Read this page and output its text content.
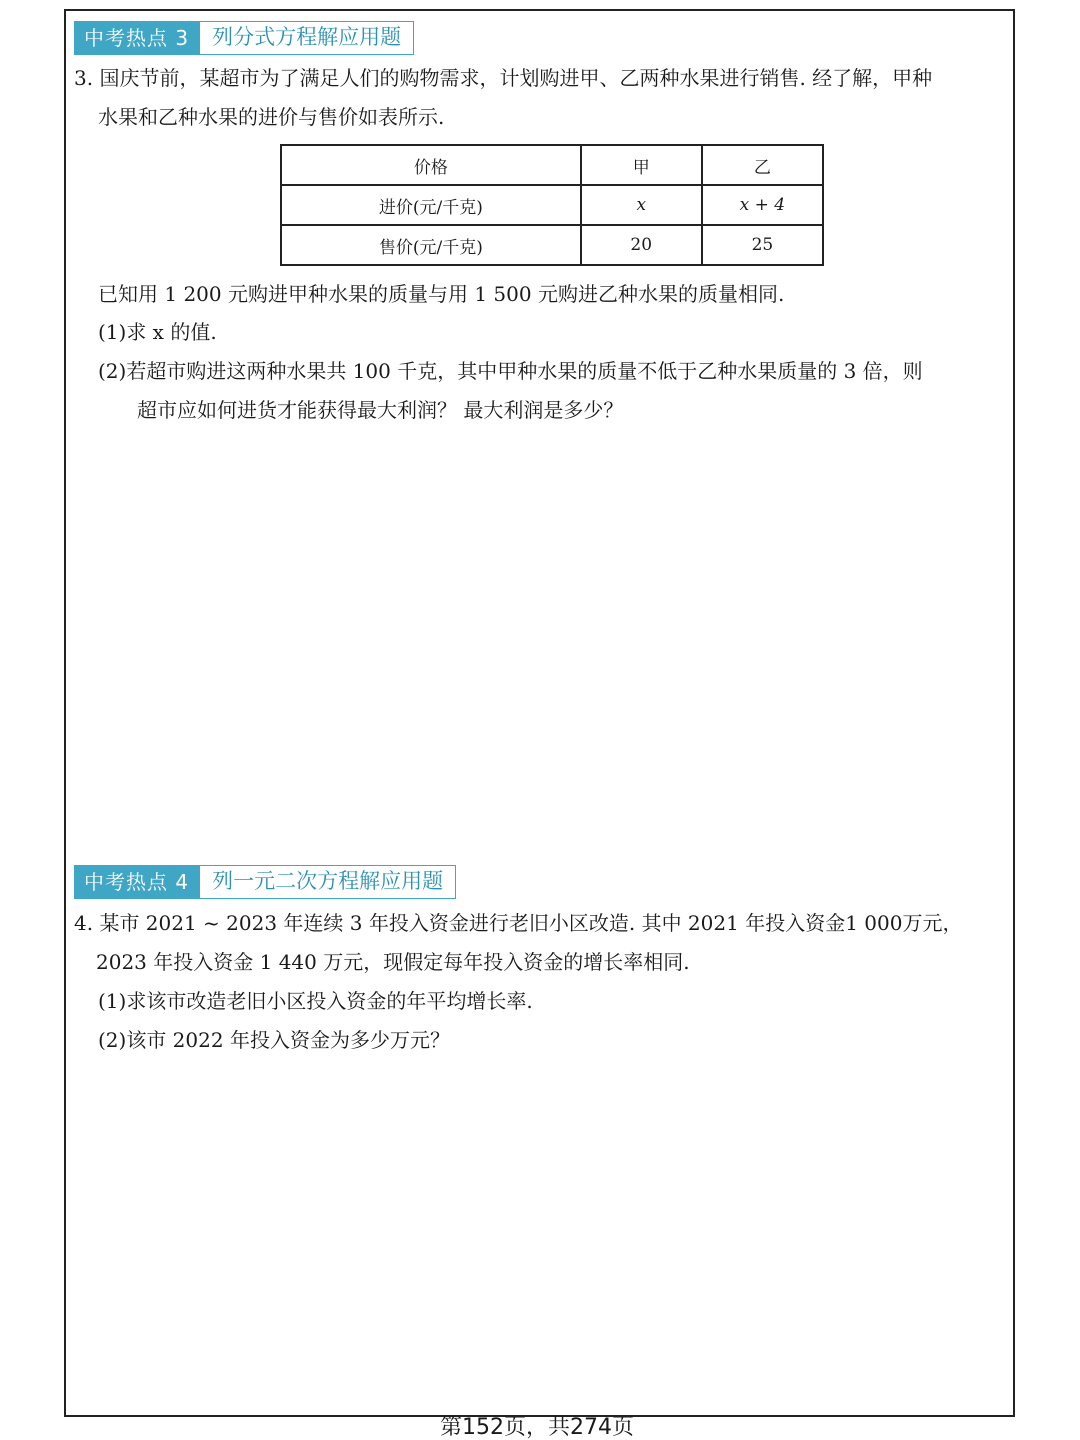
中考热点 3	列分式方程解应用题
3. 国庆节前，某超市为了满足人们的购物需求，计划购进甲、乙两种水果进行销售. 经了解，甲种
水果和乙种水果的进价与售价如表所示.
价格	甲	乙
进价(元/千克)	x	x + 4
售价(元/千克)	20	25
已知用 1 200 元购进甲种水果的质量与用 1 500 元购进乙种水果的质量相同.
(1)求 x 的值.
(2)若超市购进这两种水果共 100 千克，其中甲种水果的质量不低于乙种水果质量的 3 倍，则
超市应如何进货才能获得最大利润？ 最大利润是多少？
中考热点 4	列一元二次方程解应用题
4. 某市 2021 ~ 2023 年连续 3 年投入资金进行老旧小区改造. 其中 2021 年投入资金1 000万元，
2023 年投入资金 1 440 万元，现假定每年投入资金的增长率相同.
(1)求该市改造老旧小区投入资金的年平均增长率.
(2)该市 2022 年投入资金为多少万元？
第152页，共274页
